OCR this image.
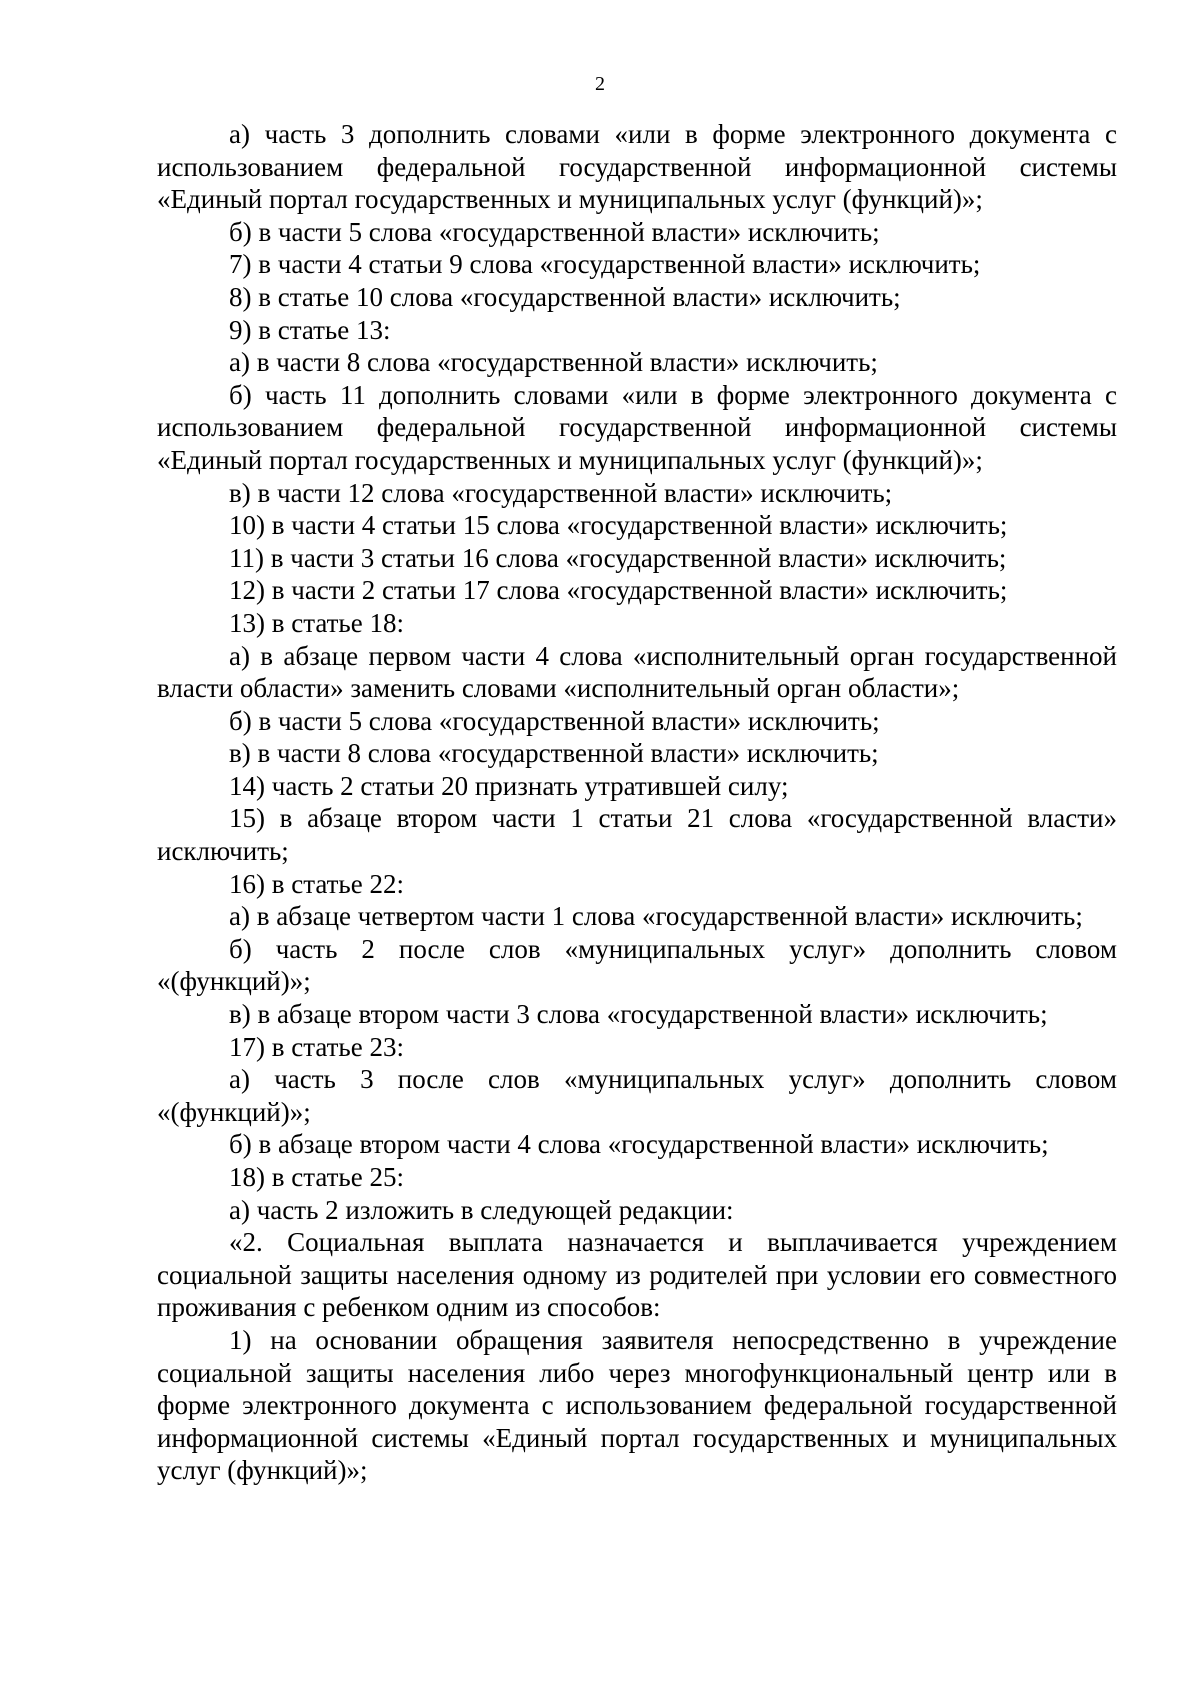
2

а) часть 3 дополнить словами «или в форме электронного документа с использованием федеральной государственной информационной системы «Единый портал государственных и муниципальных услуг (функций)»;

б) в части 5 слова «государственной власти» исключить;

7) в части 4 статьи 9 слова «государственной власти» исключить;

8) в статье 10 слова «государственной власти» исключить;

9) в статье 13:

а) в части 8 слова «государственной власти» исключить;

б) часть 11 дополнить словами «или в форме электронного документа с использованием федеральной государственной информационной системы «Единый портал государственных и муниципальных услуг (функций)»;

в) в части 12 слова «государственной власти» исключить;

10) в части 4 статьи 15 слова «государственной власти» исключить;

11) в части 3 статьи 16 слова «государственной власти» исключить;

12) в части 2 статьи 17 слова «государственной власти» исключить;

13) в статье 18:

а) в абзаце первом части 4 слова «исполнительный орган государственной власти области» заменить словами «исполнительный орган области»;

б) в части 5 слова «государственной власти» исключить;

в) в части 8 слова «государственной власти» исключить;

14) часть 2 статьи 20 признать утратившей силу;

15) в абзаце втором части 1 статьи 21 слова «государственной власти» исключить;

16) в статье 22:

а) в абзаце четвертом части 1 слова «государственной власти» исключить;

б) часть 2 после слов «муниципальных услуг» дополнить словом «(функций)»;

в) в абзаце втором части 3 слова «государственной власти» исключить;

17) в статье 23:

а) часть 3 после слов «муниципальных услуг» дополнить словом «(функций)»;

б) в абзаце втором части 4 слова «государственной власти» исключить;

18) в статье 25:

а) часть 2 изложить в следующей редакции:

«2. Социальная выплата назначается и выплачивается учреждением социальной защиты населения одному из родителей при условии его совместного проживания с ребенком одним из способов:

1) на основании обращения заявителя непосредственно в учреждение социальной защиты населения либо через многофункциональный центр или в форме электронного документа с использованием федеральной государственной информационной системы «Единый портал государственных и муниципальных услуг (функций)»;
